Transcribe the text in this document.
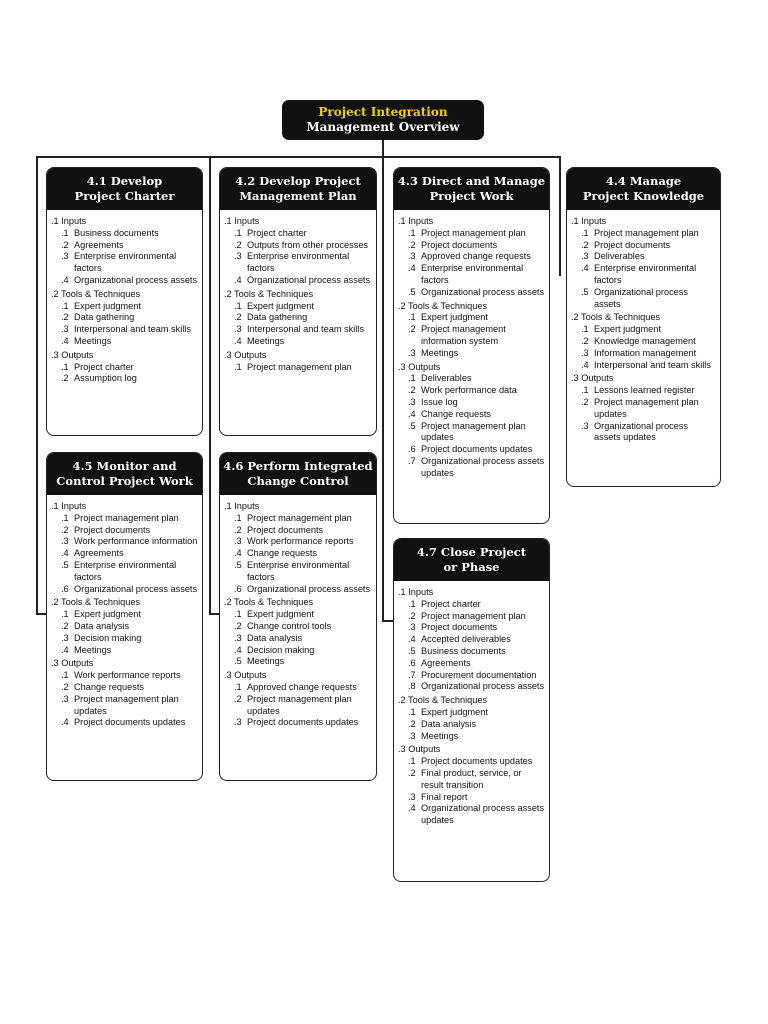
Project Integration
Management Overview
4.1 Develop
Project Charter
.1 Inputs
.1 Business documents
.2 Agreements
.3 Enterprise environmental factors
.4 Organizational process assets
.2 Tools & Techniques
.1 Expert judgment
.2 Data gathering
.3 Interpersonal and team skills
.4 Meetings
.3 Outputs
.1 Project charter
.2 Assumption log
4.2 Develop Project
Management Plan
.1 Inputs
.1 Project charter
.2 Outputs from other processes
.3 Enterprise environmental factors
.4 Organizational process assets
.2 Tools & Techniques
.1 Expert judgment
.2 Data gathering
.3 Interpersonal and team skills
.4 Meetings
.3 Outputs
.1 Project management plan
4.3 Direct and Manage
Project Work
.1 Inputs
.1 Project management plan
.2 Project documents
.3 Approved change requests
.4 Enterprise environmental factors
.5 Organizational process assets
.2 Tools & Techniques
.1 Expert judgment
.2 Project management information system
.3 Meetings
.3 Outputs
.1 Deliverables
.2 Work performance data
.3 Issue log
.4 Change requests
.5 Project management plan updates
.6 Project documents updates
.7 Organizational process assets updates
4.4 Manage
Project Knowledge
.1 Inputs
.1 Project management plan
.2 Project documents
.3 Deliverables
.4 Enterprise environmental factors
.5 Organizational process assets
.2 Tools & Techniques
.1 Expert judgment
.2 Knowledge management
.3 Information management
.4 Interpersonal and team skills
.3 Outputs
.1 Lessons learned register
.2 Project management plan updates
.3 Organizational process assets updates
4.5 Monitor and
Control Project Work
.1 Inputs
.1 Project management plan
.2 Project documents
.3 Work performance information
.4 Agreements
.5 Enterprise environmental factors
.6 Organizational process assets
.2 Tools & Techniques
.1 Expert judgment
.2 Data analysis
.3 Decision making
.4 Meetings
.3 Outputs
.1 Work performance reports
.2 Change requests
.3 Project management plan updates
.4 Project documents updates
4.6 Perform Integrated
Change Control
.1 Inputs
.1 Project management plan
.2 Project documents
.3 Work performance reports
.4 Change requests
.5 Enterprise environmental factors
.6 Organizational process assets
.2 Tools & Techniques
.1 Expert judgment
.2 Change control tools
.3 Data analysis
.4 Decision making
.5 Meetings
.3 Outputs
.1 Approved change requests
.2 Project management plan updates
.3 Project documents updates
4.7 Close Project
or Phase
.1 Inputs
.1 Project charter
.2 Project management plan
.3 Project documents
.4 Accepted deliverables
.5 Business documents
.6 Agreements
.7 Procurement documentation
.8 Organizational process assets
.2 Tools & Techniques
.1 Expert judgment
.2 Data analysis
.3 Meetings
.3 Outputs
.1 Project documents updates
.2 Final product, service, or result transition
.3 Final report
.4 Organizational process assets updates
